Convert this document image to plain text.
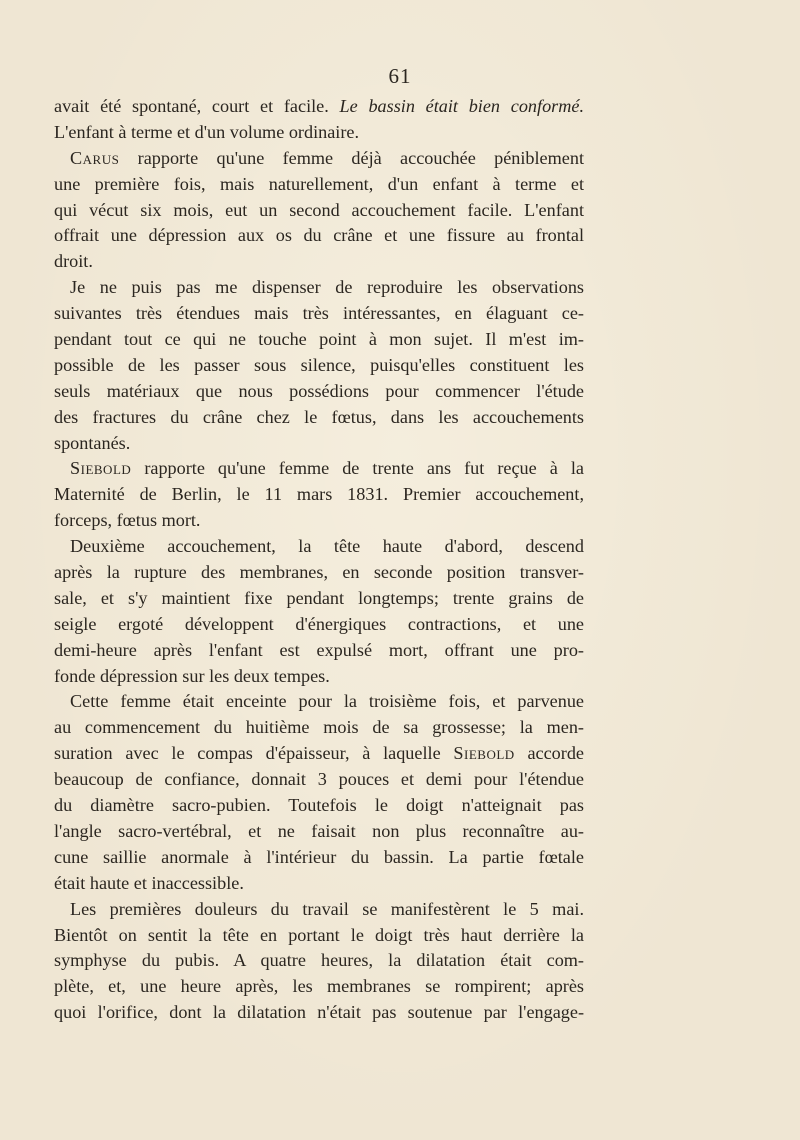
61
avait été spontané, court et facile. Le bassin était bien conformé.
L'enfant à terme et d'un volume ordinaire.
Carus rapporte qu'une femme déjà accouchée péniblement
une première fois, mais naturellement, d'un enfant à terme et
qui vécut six mois, eut un second accouchement facile. L'enfant
offrait une dépression aux os du crâne et une fissure au frontal
droit.
Je ne puis pas me dispenser de reproduire les observations
suivantes très étendues mais très intéressantes, en élaguant ce-
pendant tout ce qui ne touche point à mon sujet. Il m'est im-
possible de les passer sous silence, puisqu'elles constituent les
seuls matériaux que nous possédions pour commencer l'étude
des fractures du crâne chez le fœtus, dans les accouchements
spontanés.
Siebold rapporte qu'une femme de trente ans fut reçue à la
Maternité de Berlin, le 11 mars 1831. Premier accouchement,
forceps, fœtus mort.
Deuxième accouchement, la tête haute d'abord, descend
après la rupture des membranes, en seconde position transver-
sale, et s'y maintient fixe pendant longtemps; trente grains de
seigle ergoté développent d'énergiques contractions, et une
demi-heure après l'enfant est expulsé mort, offrant une pro-
fonde dépression sur les deux tempes.
Cette femme était enceinte pour la troisième fois, et parvenue
au commencement du huitième mois de sa grossesse; la men-
suration avec le compas d'épaisseur, à laquelle Siebold accorde
beaucoup de confiance, donnait 3 pouces et demi pour l'étendue
du diamètre sacro-pubien. Toutefois le doigt n'atteignait pas
l'angle sacro-vertébral, et ne faisait non plus reconnaître au-
cune saillie anormale à l'intérieur du bassin. La partie fœtale
était haute et inaccessible.
Les premières douleurs du travail se manifestèrent le 5 mai.
Bientôt on sentit la tête en portant le doigt très haut derrière la
symphyse du pubis. A quatre heures, la dilatation était com-
plète, et, une heure après, les membranes se rompirent; après
quoi l'orifice, dont la dilatation n'était pas soutenue par l'engage-
